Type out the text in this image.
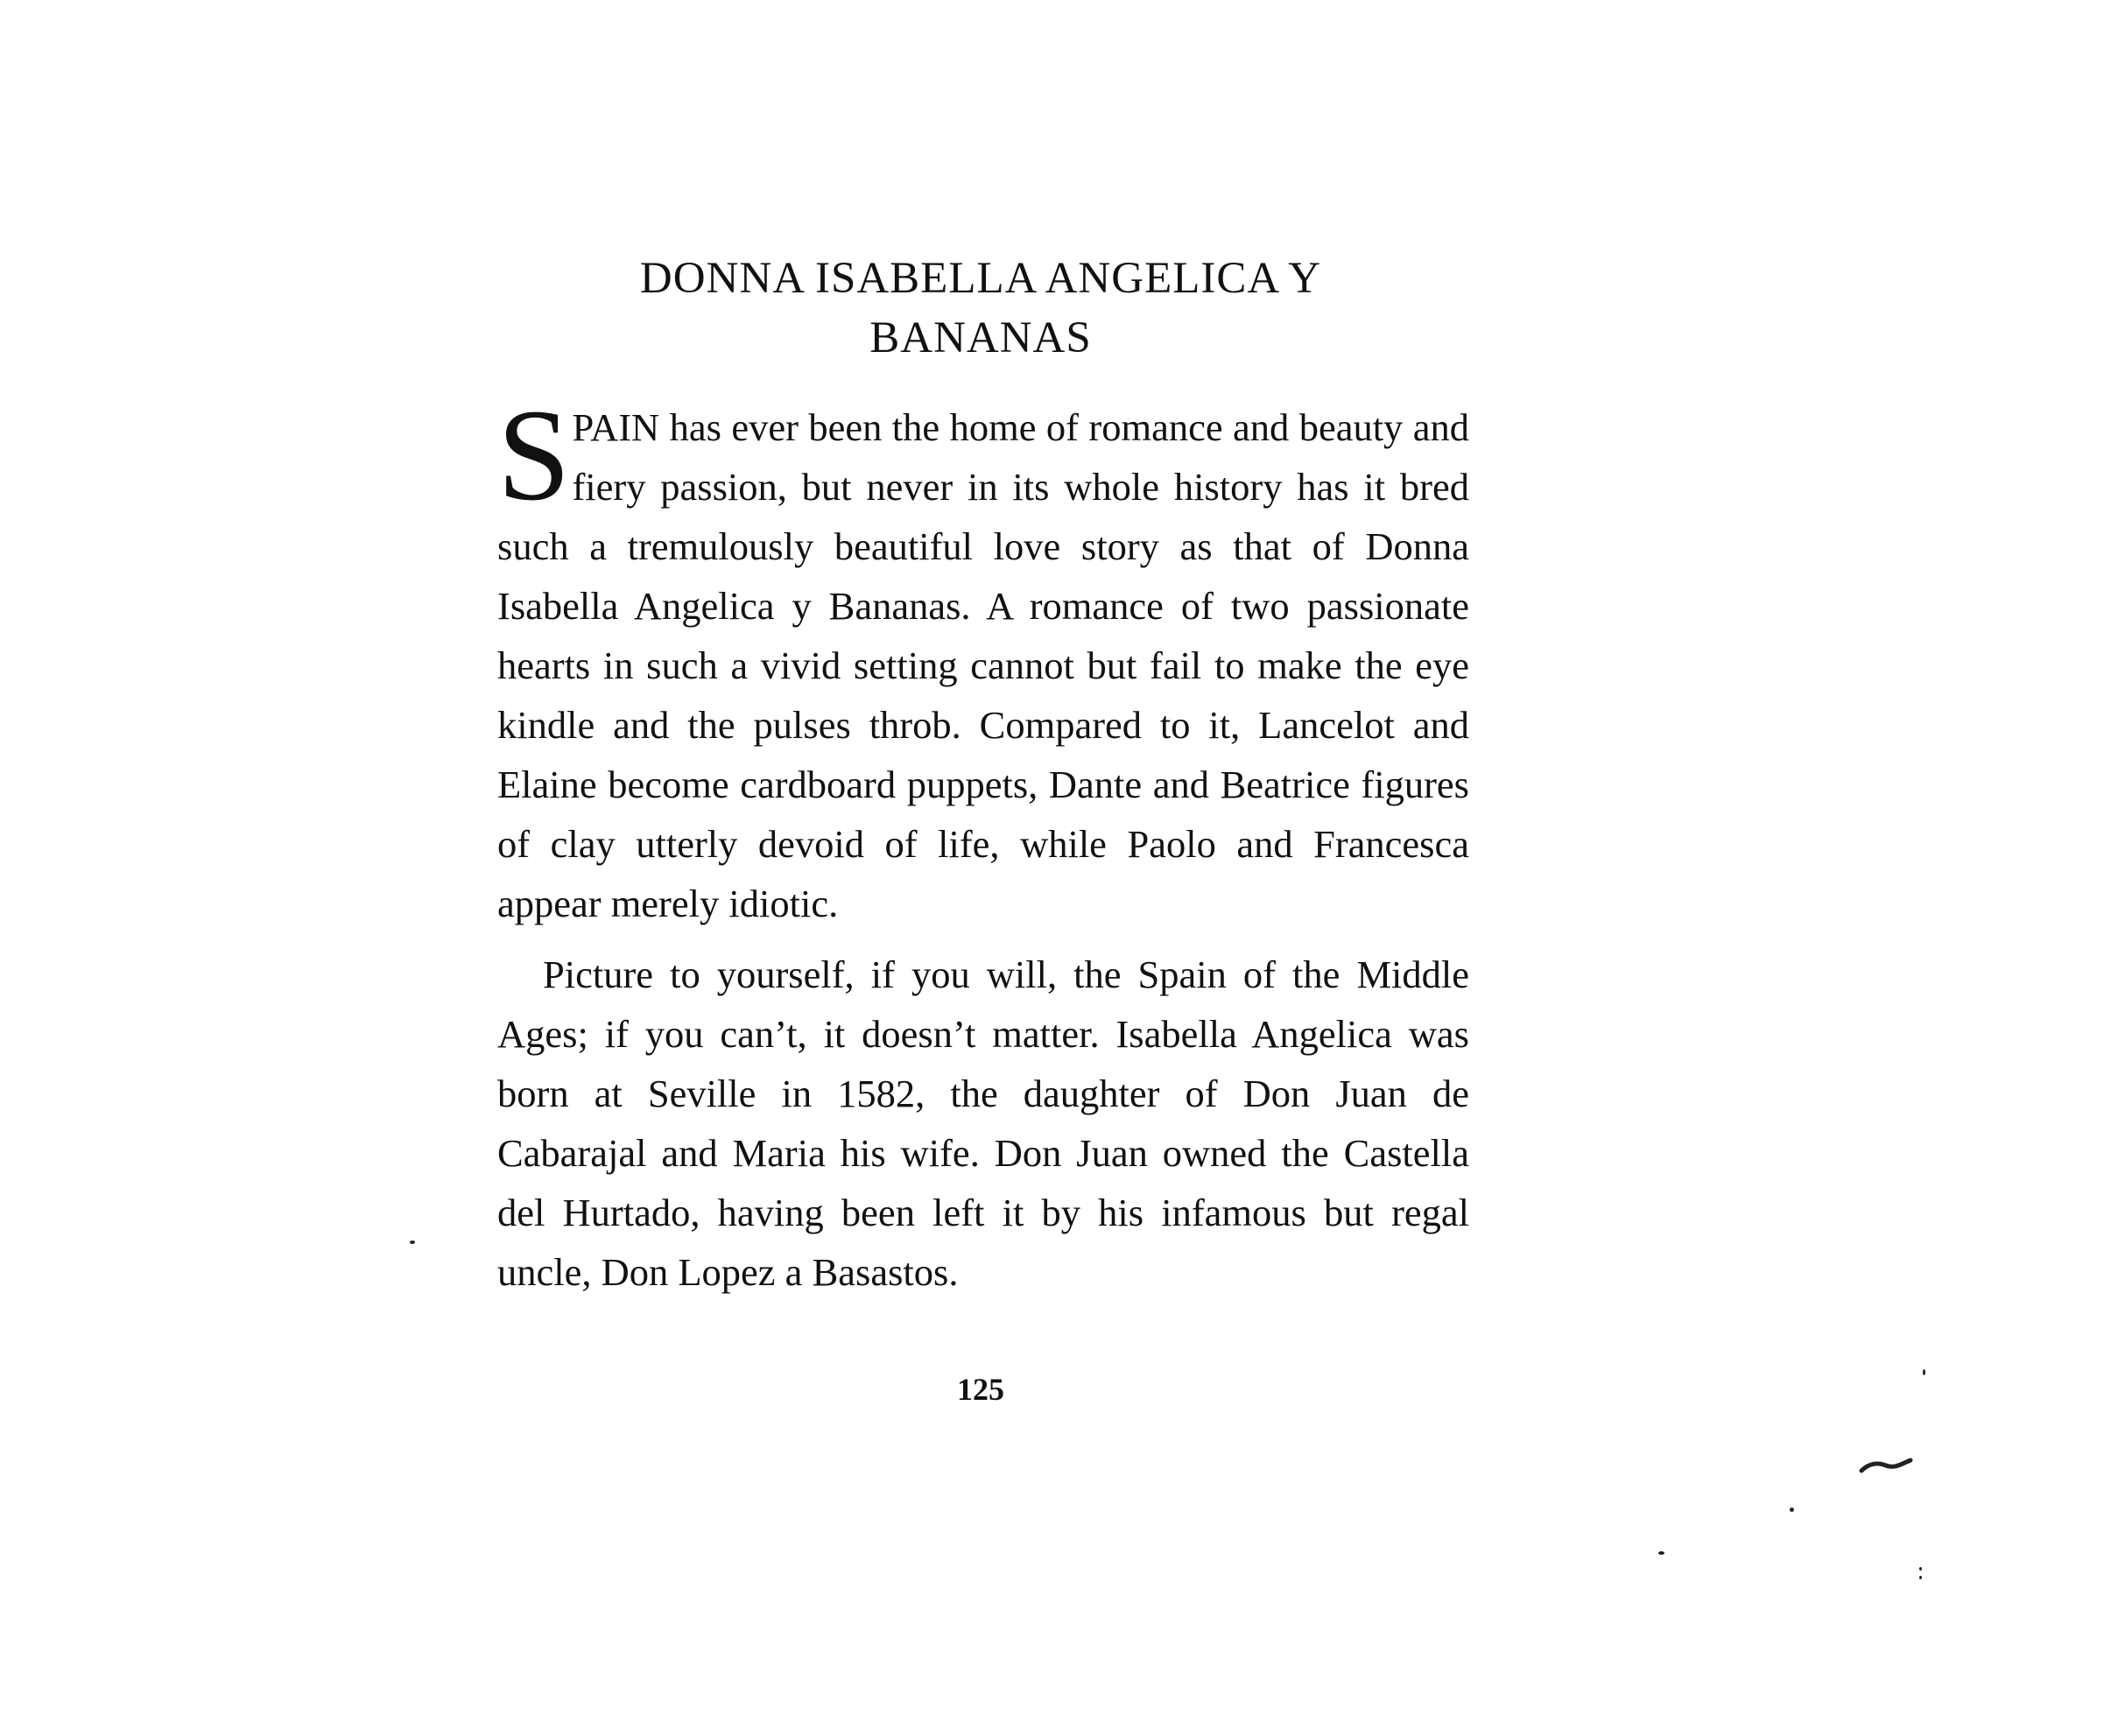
DONNA ISABELLA ANGELICA Y
BANANAS

SPAIN has ever been the home of romance and beauty and fiery passion, but never in its whole history has it bred such a tremulously beautiful love story as that of Donna Isabella Angelica y Bananas. A romance of two passionate hearts in such a vivid setting cannot but fail to make the eye kindle and the pulses throb. Compared to it, Lancelot and Elaine become cardboard puppets, Dante and Beatrice figures of clay utterly devoid of life, while Paolo and Francesca appear merely idiotic.

Picture to yourself, if you will, the Spain of the Middle Ages; if you can’t, it doesn’t matter. Isabella Angelica was born at Seville in 1582, the daughter of Don Juan de Cabarajal and Maria his wife. Don Juan owned the Castella del Hurtado, having been left it by his infamous but regal uncle, Don Lopez a Basastos.

125
